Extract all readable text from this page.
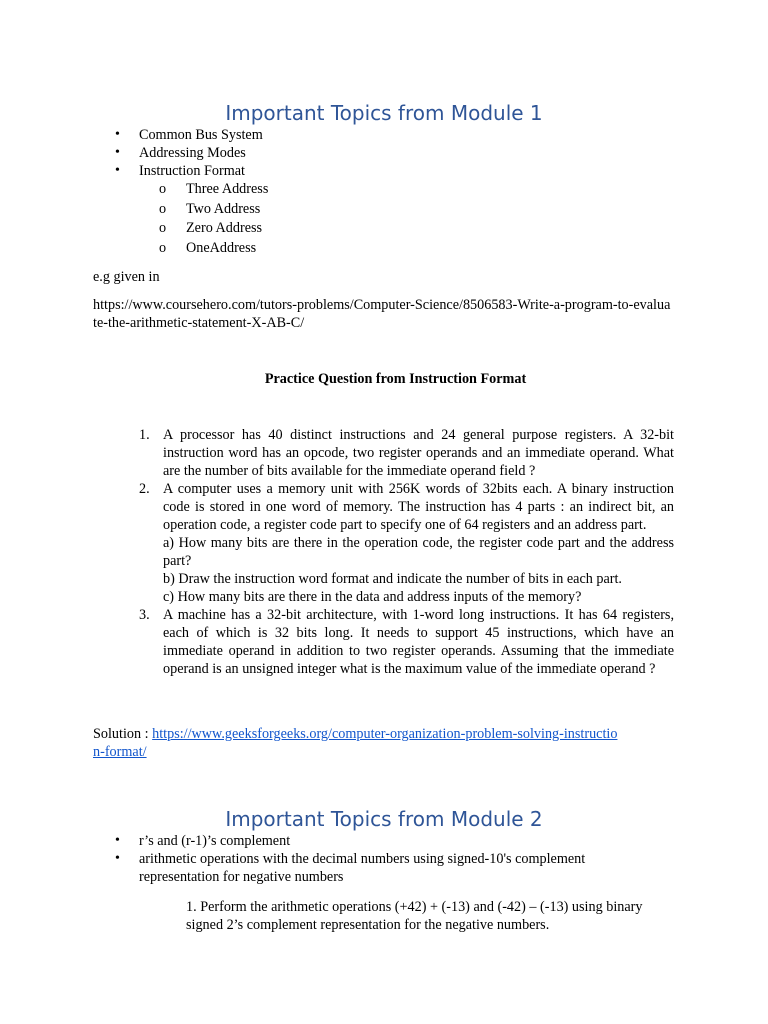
Important Topics from Module 1
• Common Bus System
• Addressing Modes
• Instruction Format
o Three Address
o Two Address
o Zero Address
o OneAddress
e.g given in
https://www.coursehero.com/tutors-problems/Computer-Science/8506583-Write-a-program-to-evaluate-the-arithmetic-statement-X-AB-C/
Practice Question from Instruction Format
1. A processor has 40 distinct instructions and 24 general purpose registers. A 32-bit instruction word has an opcode, two register operands and an immediate operand. What are the number of bits available for the immediate operand field ?
2. A computer uses a memory unit with 256K words of 32bits each. A binary instruction code is stored in one word of memory. The instruction has 4 parts : an indirect bit, an operation code, a register code part to specify one of 64 registers and an address part.
a) How many bits are there in the operation code, the register code part and the address part?
b) Draw the instruction word format and indicate the number of bits in each part.
c) How many bits are there in the data and address inputs of the memory?
3. A machine has a 32-bit architecture, with 1-word long instructions. It has 64 registers, each of which is 32 bits long. It needs to support 45 instructions, which have an immediate operand in addition to two register operands. Assuming that the immediate operand is an unsigned integer what is the maximum value of the immediate operand ?
Solution : https://www.geeksforgeeks.org/computer-organization-problem-solving-instruction-format/
Important Topics from Module 2
• r’s and (r-1)’s complement
• arithmetic operations with the decimal numbers using signed-10's complement representation for negative numbers
1. Perform the arithmetic operations (+42) + (-13) and (-42) – (-13) using binary signed 2’s complement representation for the negative numbers.
